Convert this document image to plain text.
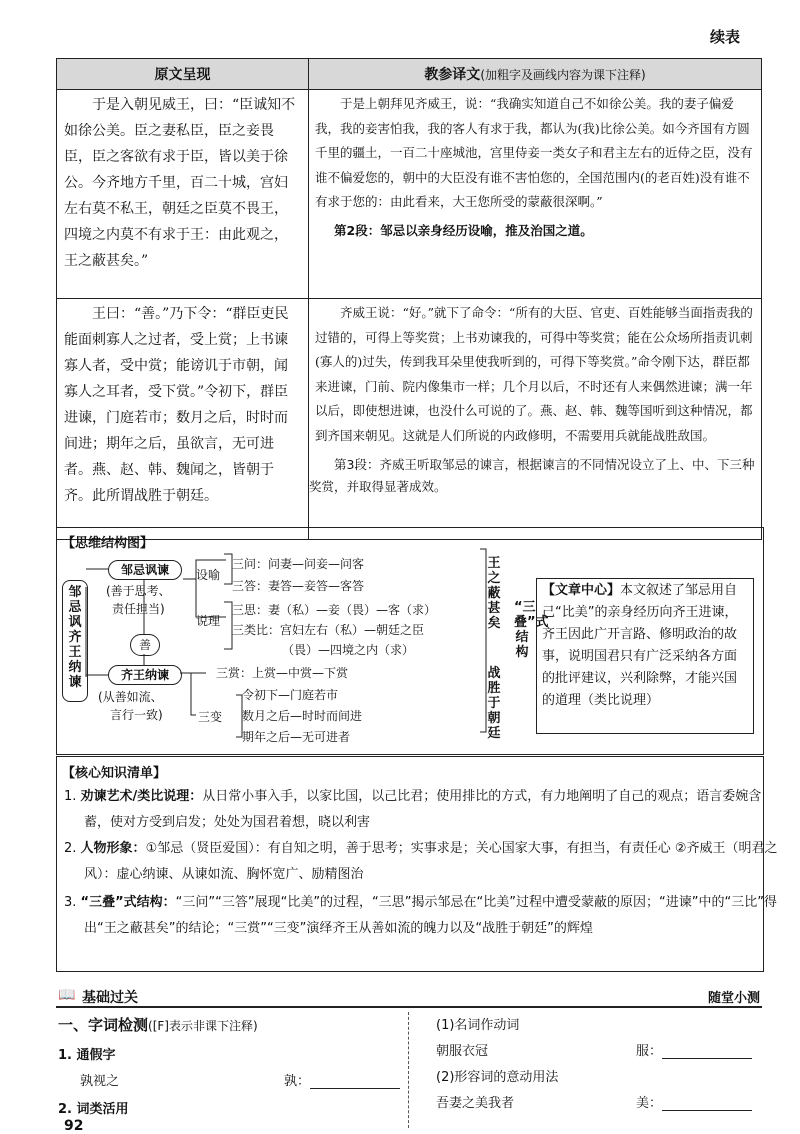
续表
原文呈现	教参译文(加粗字及画线内容为课下注释)

于是入朝见威王，曰：“臣诚知不如徐公美。臣之妻私臣，臣之妾畏臣，臣之客欲有求于臣，皆以美于徐公。今齐地方千里，百二十城，宫妇左右莫不私王，朝廷之臣莫不畏王，四境之内莫不有求于王：由此观之，王之蔽甚矣。”	于是上朝拜见齐威王，说：“我确实知道自己不如徐公美。我的妻子偏爱我，我的妾害怕我，我的客人有求于我，都认为(我)比徐公美。如今齐国有方圆千里的疆土，一百二十座城池，宫里侍妾一类女子和君主左右的近侍之臣，没有谁不偏爱您的，朝中的大臣没有谁不害怕您的，全国范围内(的老百姓)没有谁不有求于您的：由此看来，大王您所受的蒙蔽很深啊。”
第2段：邹忌以亲身经历设喻，推及治国之道。

王曰：“善。”乃下令：“群臣吏民能面刺寡人之过者，受上赏；上书谏寡人者，受中赏；能谤讥于市朝，闻寡人之耳者，受下赏。”令初下，群臣进谏，门庭若市；数月之后，时时而间进；期年之后，虽欲言，无可进者。燕、赵、韩、魏闻之，皆朝于齐。此所谓战胜于朝廷。	齐威王说：“好。”就下了命令：“所有的大臣、官吏、百姓能够当面指责我的过错的，可得上等奖赏；上书劝谏我的，可得中等奖赏；能在公众场所指责讥刺(寡人的)过失，传到我耳朵里使我听到的，可得下等奖赏。”命令刚下达，群臣都来进谏，门前、院内像集市一样；几个月以后，不时还有人来偶然进谏；满一年以后，即使想进谏，也没什么可说的了。燕、赵、韩、魏等国听到这种情况，都到齐国来朝见。这就是人们所说的内政修明，不需要用兵就能战胜敌国。
第3段：齐威王听取邹忌的谏言，根据谏言的不同情况设立了上、中、下三种奖赏，并取得显著成效。
【思维结构图】
邹忌讽齐王纳谏
邹忌讽谏
(善于思考、
责任担当)
善
齐王纳谏
(从善如流、
言行一致)
设喻
说理
三问：问妻—问妾—问客
三答：妻答—妾答—客答
三思：妻（私）—妾（畏）—客（求）
三类比：宫妇左右（私）—朝廷之臣
（畏）—四境之内（求）
三赏：上赏—中赏—下赏
三变
令初下—门庭若市
数月之后—时时而间进
期年之后—无可进者
王之蔽甚矣
战胜于朝廷
“三叠”式结构
【文章中心】本文叙述了邹忌用自己“比美”的亲身经历向齐王进谏，齐王因此广开言路、修明政治的故事，说明国君只有广泛采纳各方面的批评建议，兴利除弊，才能兴国的道理（类比说理）
【核心知识清单】
1. 劝谏艺术/类比说理：从日常小事入手，以家比国，以己比君；使用排比的方式，有力地阐明了自己的观点；语言委婉含蓄，使对方受到启发；处处为国君着想，晓以利害
2. 人物形象：①邹忌（贤臣爱国）：有自知之明，善于思考；实事求是；关心国家大事，有担当，有责任心 ②齐威王（明君之风）：虚心纳谏、从谏如流、胸怀宽广、励精图治
3. “三叠”式结构：“三问”“三答”展现“比美”的过程，“三思”揭示邹忌在“比美”过程中遭受蒙蔽的原因；“进谏”中的“三比”得出“王之蔽甚矣”的结论；“三赏”“三变”演绎齐王从善如流的魄力以及“战胜于朝廷”的辉煌
📖 基础过关	随堂小测
一、字词检测([F]表示非课下注释)
1. 通假字
孰视之	孰：
2. 词类活用
(1)名词作动词
朝服衣冠	服：
(2)形容词的意动用法
吾妻之美我者	美：
92
